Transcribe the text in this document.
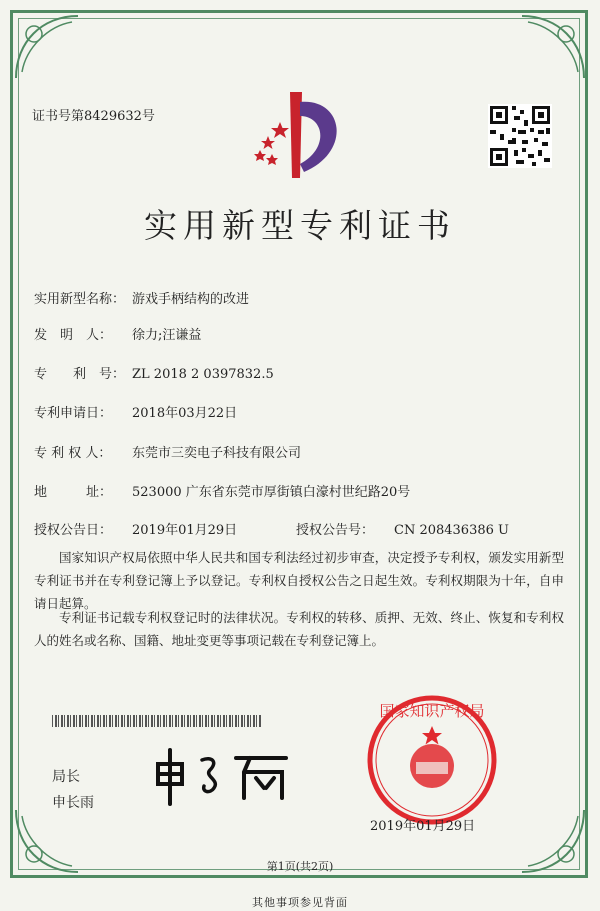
证书号第8429632号
实用新型专利证书
实用新型名称： 游戏手柄结构的改进
发　明　人： 徐力;汪谦益
专　　利　号： ZL 2018 2 0397832.5
专利申请日： 2018年03月22日
专 利 权 人： 东莞市三奕电子科技有限公司
地　　　址： 523000 广东省东莞市厚街镇白濠村世纪路20号
授权公告日： 2019年01月29日	授权公告号： CN 208436386 U
国家知识产权局依照中华人民共和国专利法经过初步审查，决定授予专利权，颁发实用新型专利证书并在专利登记簿上予以登记。专利权自授权公告之日起生效。专利权期限为十年，自申请日起算。
专利证书记载专利权登记时的法律状况。专利权的转移、质押、无效、终止、恢复和专利权人的姓名或名称、国籍、地址变更等事项记载在专利登记簿上。
局长
申长雨
国家知识产权局
2019年01月29日
第1页(共2页)
其他事项参见背面
